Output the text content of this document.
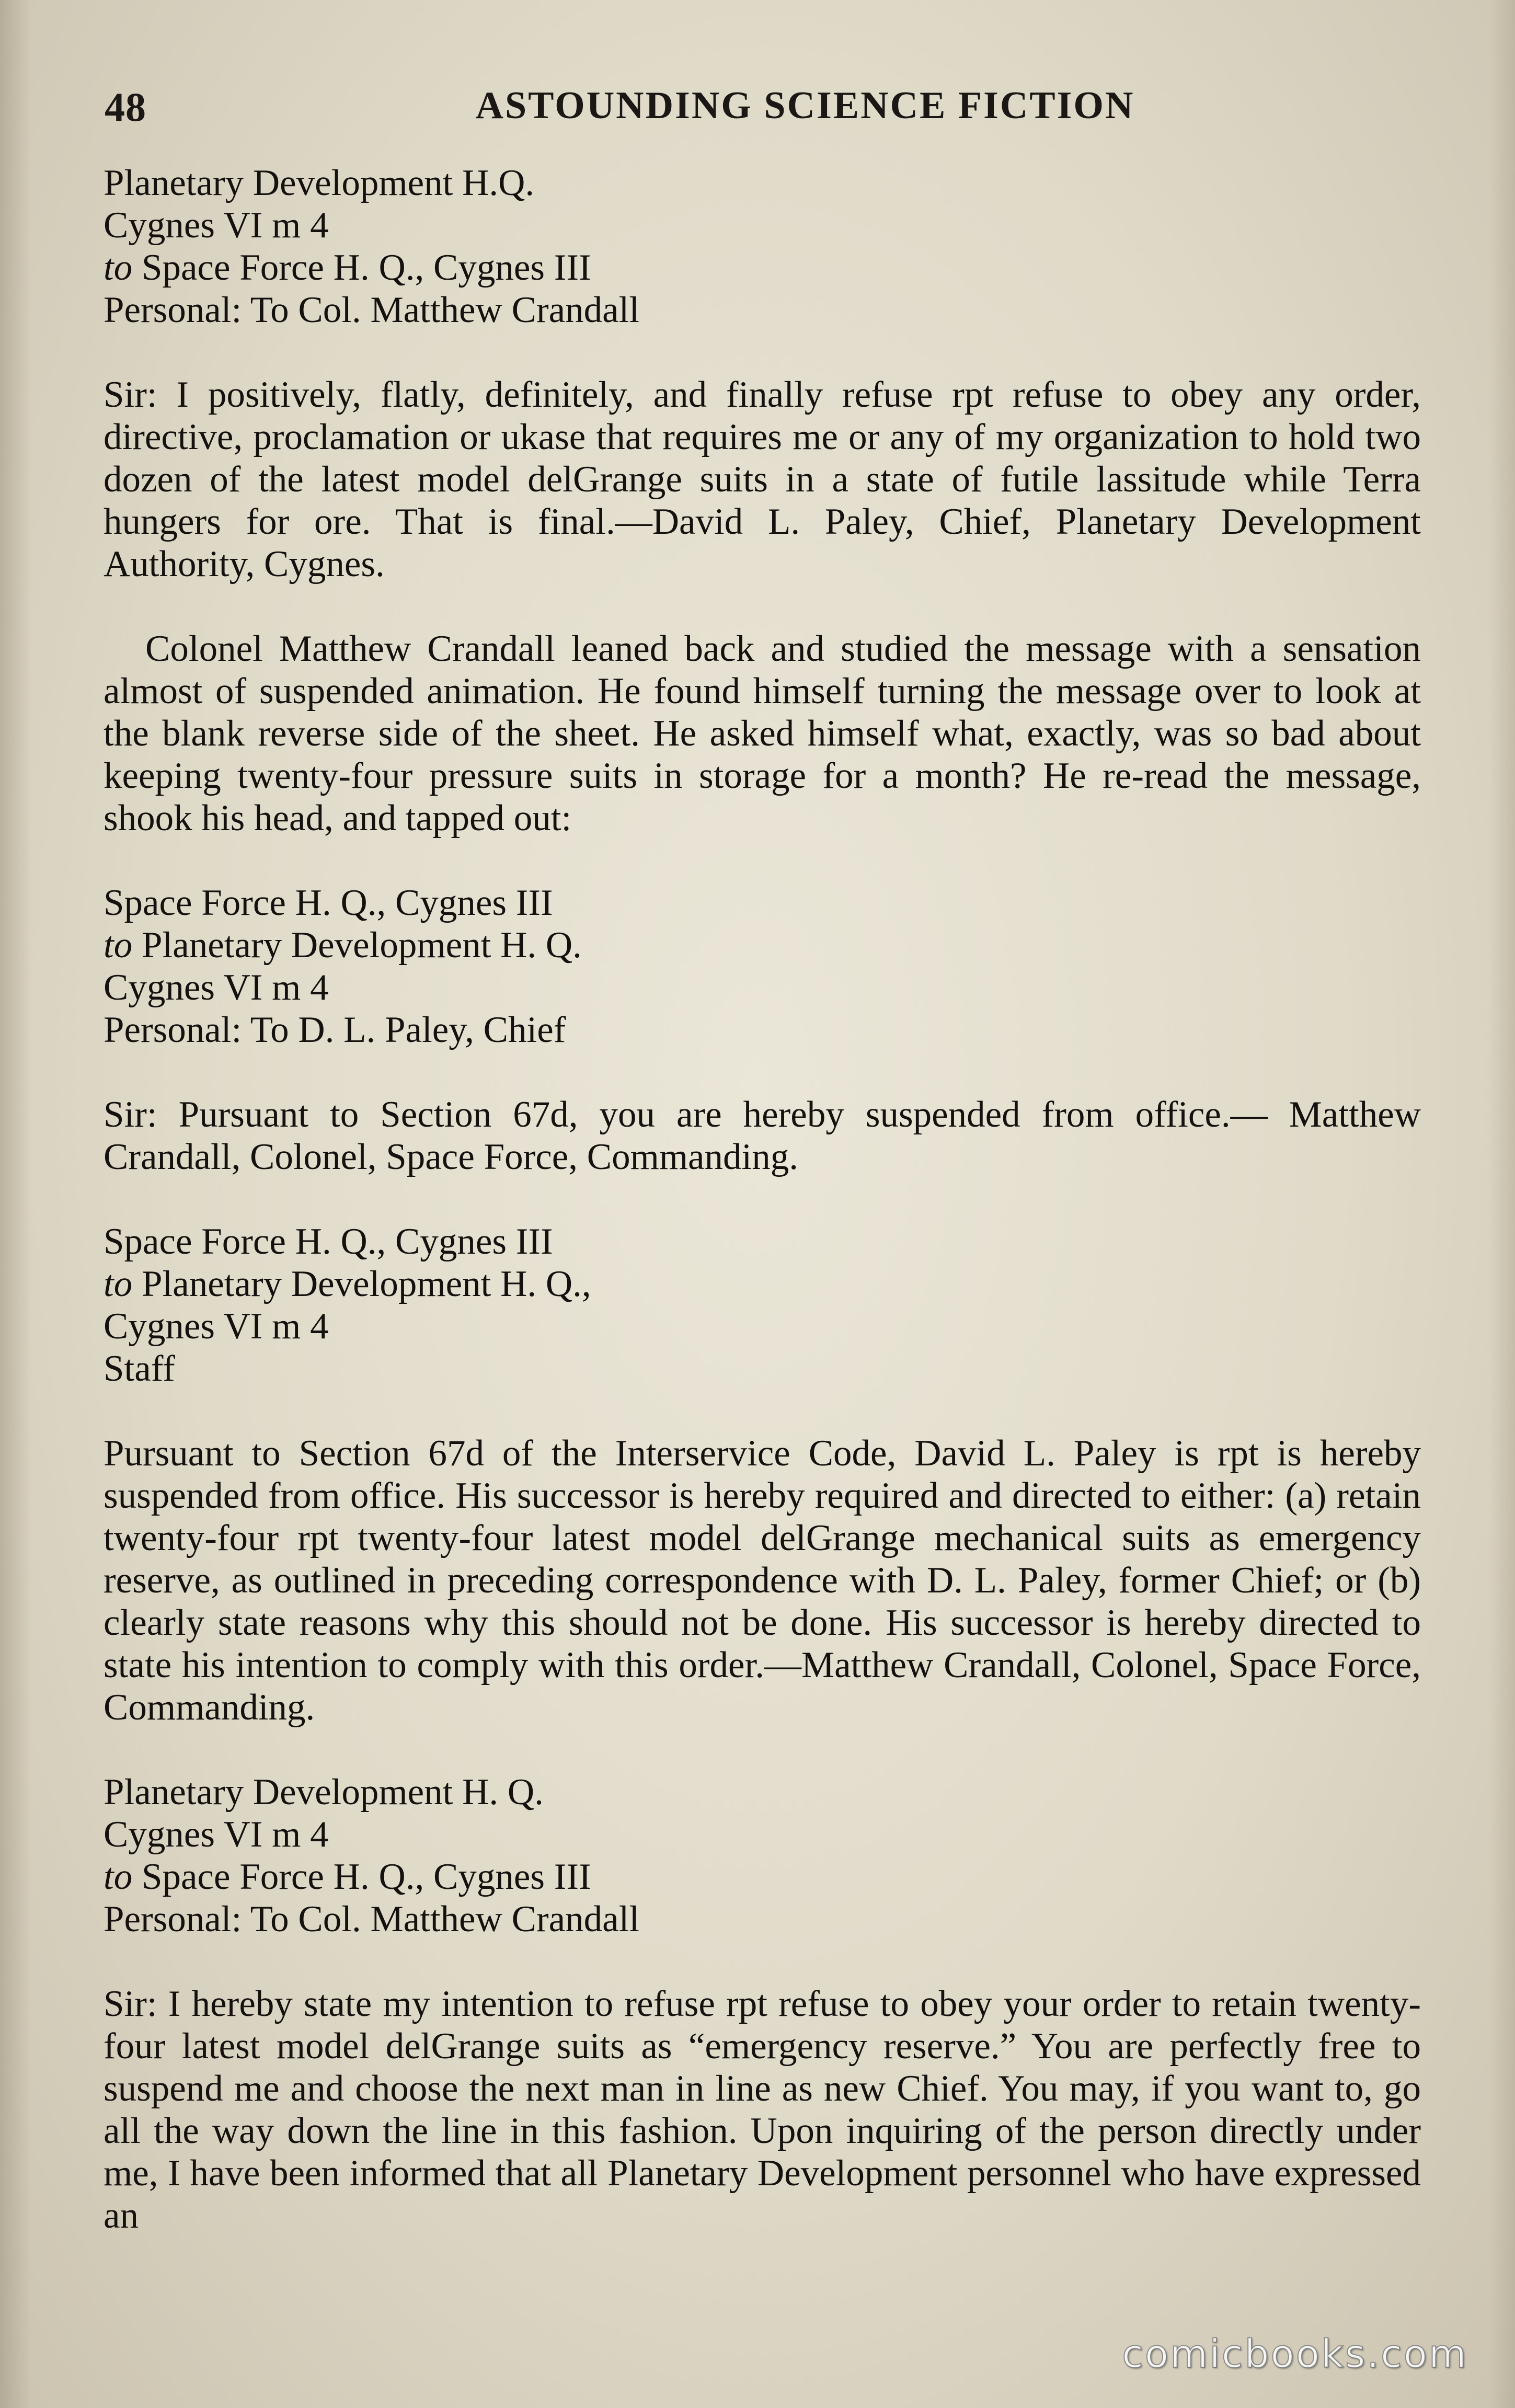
48	ASTOUNDING SCIENCE FICTION
Planetary Development H.Q.
Cygnes VI m 4
to Space Force H. Q., Cygnes III
Personal: To Col. Matthew Crandall

Sir: I positively, flatly, definitely, and finally refuse rpt refuse to obey any order, directive, proclamation or ukase that requires me or any of my organization to hold two dozen of the latest model delGrange suits in a state of futile lassitude while Terra hungers for ore. That is final.—David L. Paley, Chief, Planetary Development Authority, Cygnes.

Colonel Matthew Crandall leaned back and studied the message with a sensation almost of suspended animation. He found himself turning the message over to look at the blank reverse side of the sheet. He asked himself what, exactly, was so bad about keeping twenty-four pressure suits in storage for a month? He re-read the message, shook his head, and tapped out:

Space Force H. Q., Cygnes III
to Planetary Development H. Q.
Cygnes VI m 4
Personal: To D. L. Paley, Chief

Sir: Pursuant to Section 67d, you are hereby suspended from office.— Matthew Crandall, Colonel, Space Force, Commanding.

Space Force H. Q., Cygnes III
to Planetary Development H. Q.,
Cygnes VI m 4
Staff

Pursuant to Section 67d of the Interservice Code, David L. Paley is rpt is hereby suspended from office. His successor is hereby required and directed to either: (a) retain twenty-four rpt twenty-four latest model delGrange mechanical suits as emergency reserve, as outlined in preceding correspondence with D. L. Paley, former Chief; or (b) clearly state reasons why this should not be done. His successor is hereby directed to state his intention to comply with this order.—Matthew Crandall, Colonel, Space Force, Commanding.

Planetary Development H. Q.
Cygnes VI m 4
to Space Force H. Q., Cygnes III
Personal: To Col. Matthew Crandall

Sir: I hereby state my intention to refuse rpt refuse to obey your order to retain twenty-four latest model delGrange suits as “emergency reserve.” You are perfectly free to suspend me and choose the next man in line as new Chief. You may, if you want to, go all the way down the line in this fashion. Upon inquiring of the person directly under me, I have been informed that all Planetary Development personnel who have expressed an

comicbooks.com
